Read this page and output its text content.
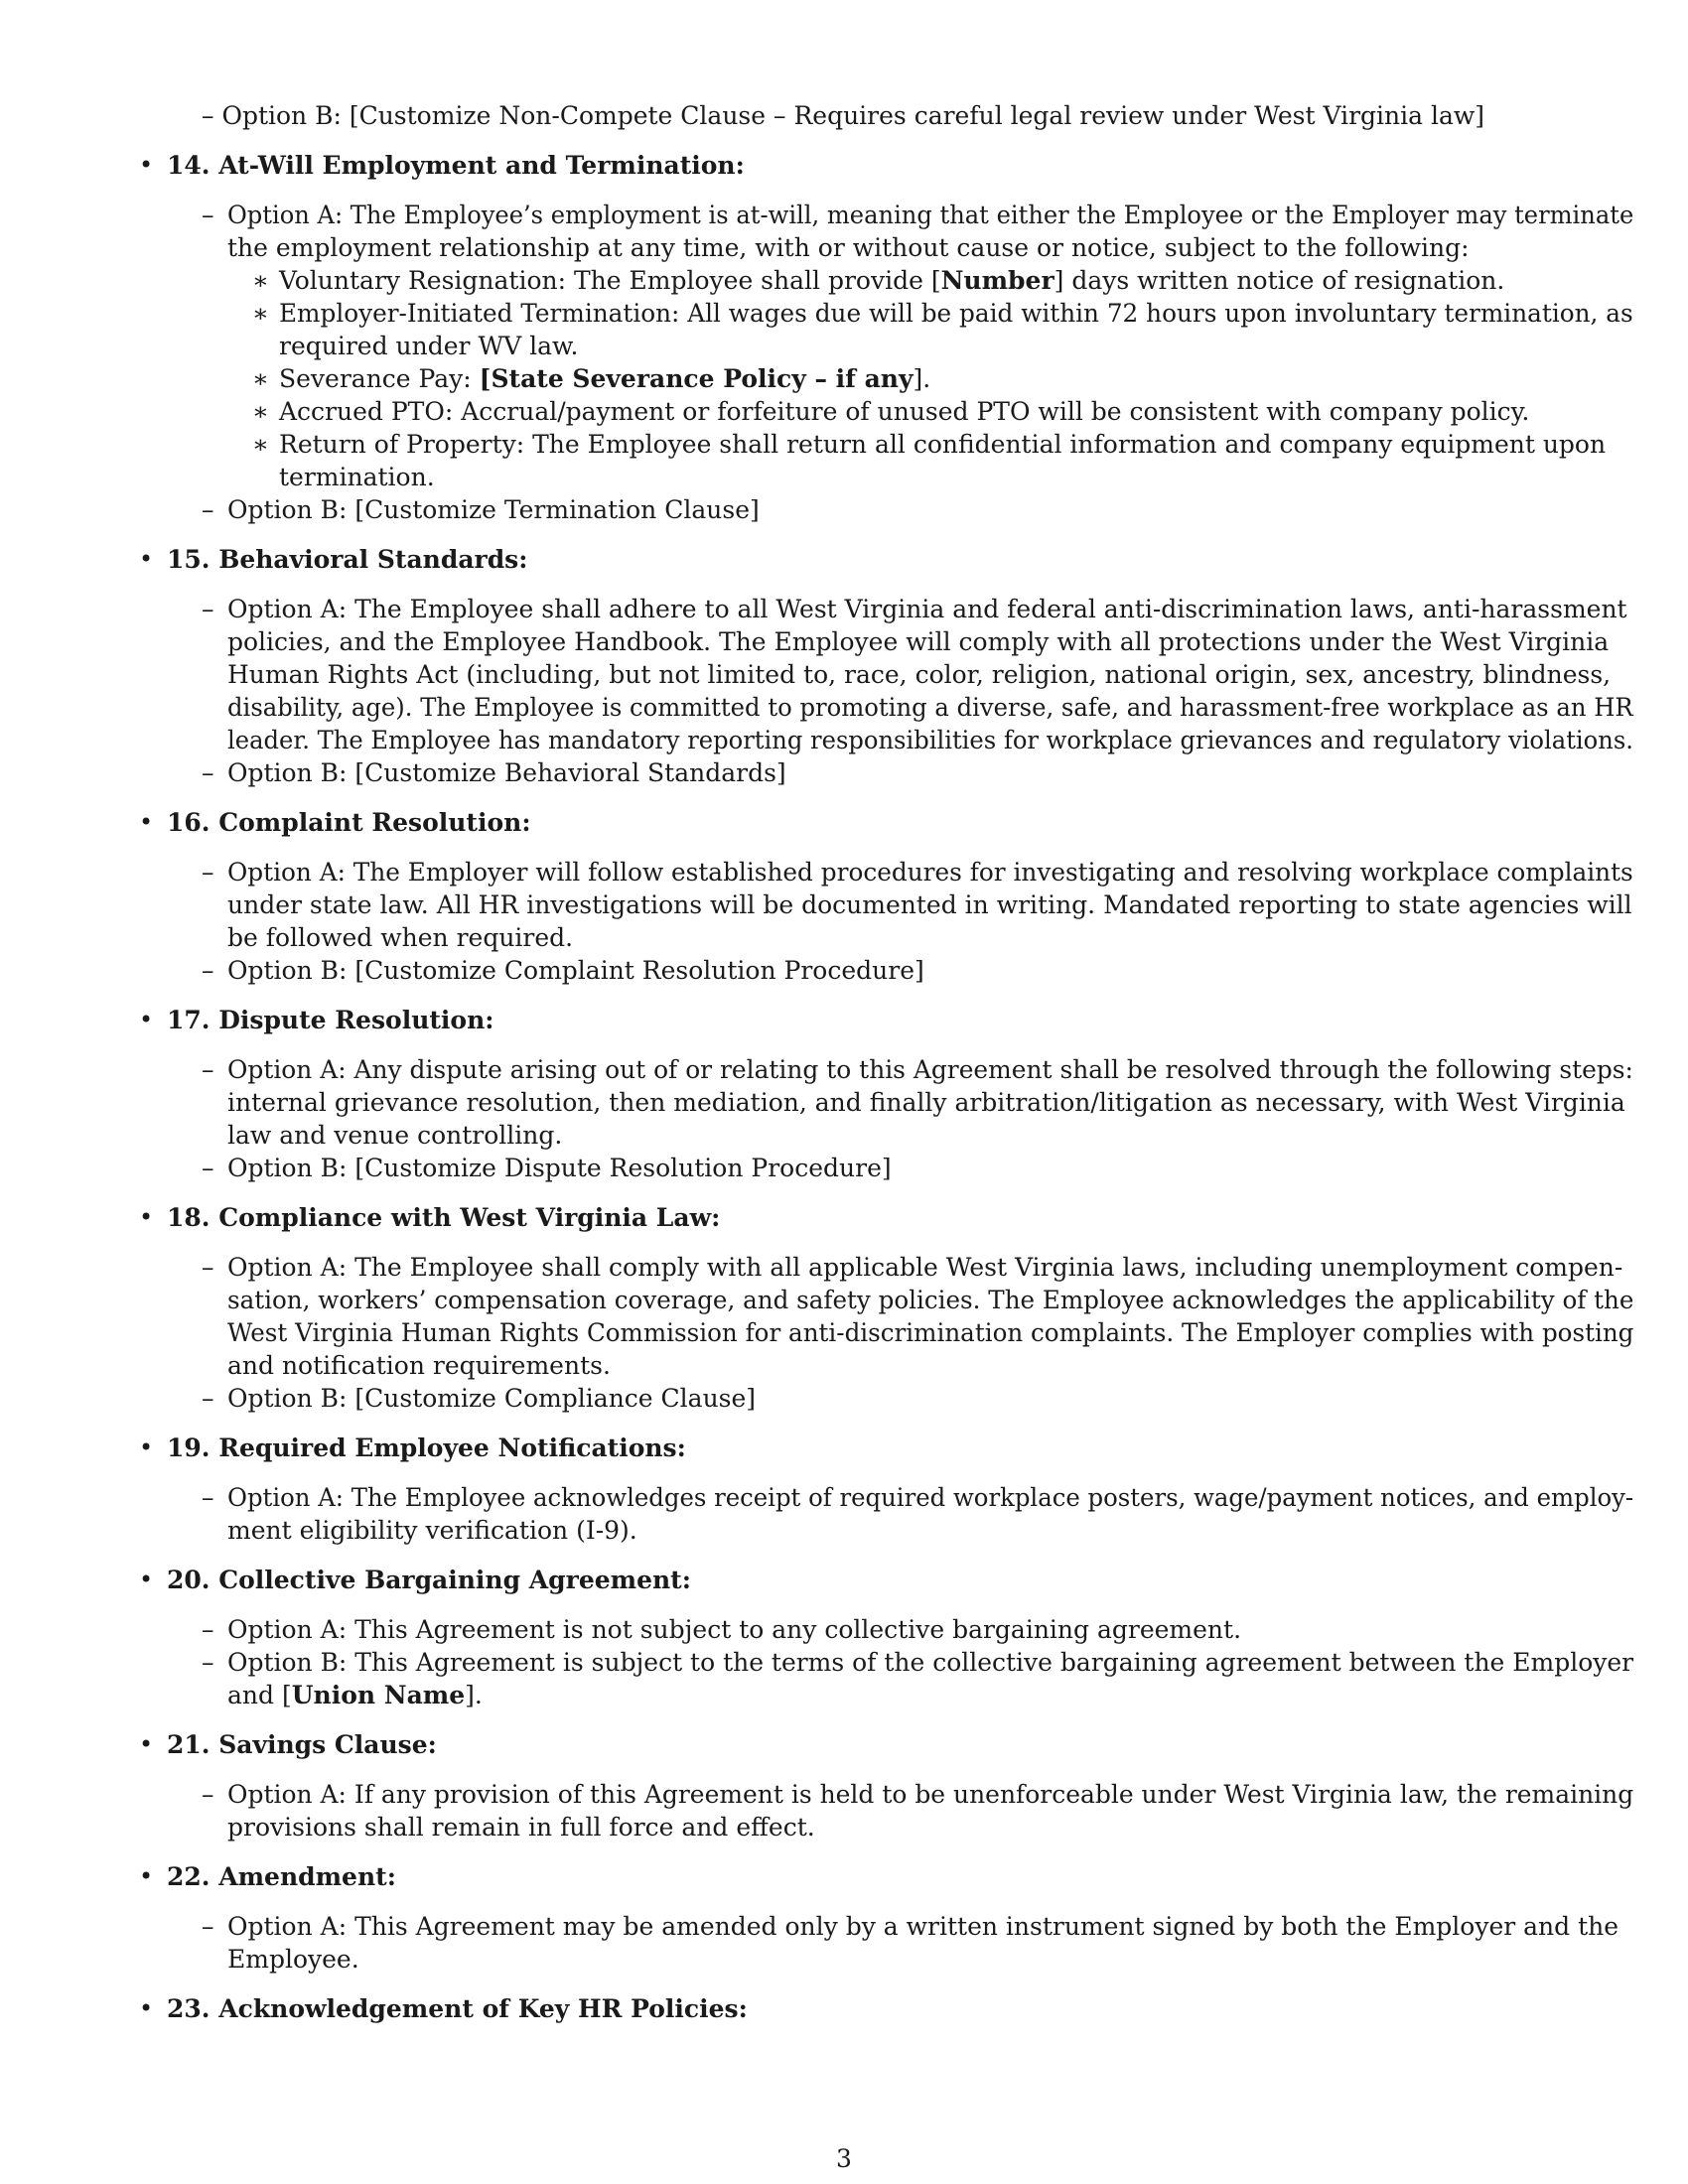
– Option B: [Customize Non-Compete Clause – Requires careful legal review under West Virginia law]
• 14. At-Will Employment and Termination:
– Option A: The Employee’s employment is at-will, meaning that either the Employee or the Employer may terminate
the employment relationship at any time, with or without cause or notice, subject to the following:
∗ Voluntary Resignation: The Employee shall provide [Number] days written notice of resignation.
∗ Employer-Initiated Termination: All wages due will be paid within 72 hours upon involuntary termination, as
required under WV law.
∗ Severance Pay: [State Severance Policy – if any].
∗ Accrued PTO: Accrual/payment or forfeiture of unused PTO will be consistent with company policy.
∗ Return of Property: The Employee shall return all confidential information and company equipment upon
termination.
– Option B: [Customize Termination Clause]
• 15. Behavioral Standards:
– Option A: The Employee shall adhere to all West Virginia and federal anti-discrimination laws, anti-harassment
policies, and the Employee Handbook. The Employee will comply with all protections under the West Virginia
Human Rights Act (including, but not limited to, race, color, religion, national origin, sex, ancestry, blindness,
disability, age). The Employee is committed to promoting a diverse, safe, and harassment-free workplace as an HR
leader. The Employee has mandatory reporting responsibilities for workplace grievances and regulatory violations.
– Option B: [Customize Behavioral Standards]
• 16. Complaint Resolution:
– Option A: The Employer will follow established procedures for investigating and resolving workplace complaints
under state law. All HR investigations will be documented in writing. Mandated reporting to state agencies will
be followed when required.
– Option B: [Customize Complaint Resolution Procedure]
• 17. Dispute Resolution:
– Option A: Any dispute arising out of or relating to this Agreement shall be resolved through the following steps:
internal grievance resolution, then mediation, and finally arbitration/litigation as necessary, with West Virginia
law and venue controlling.
– Option B: [Customize Dispute Resolution Procedure]
• 18. Compliance with West Virginia Law:
– Option A: The Employee shall comply with all applicable West Virginia laws, including unemployment compen-
sation, workers’ compensation coverage, and safety policies. The Employee acknowledges the applicability of the
West Virginia Human Rights Commission for anti-discrimination complaints. The Employer complies with posting
and notification requirements.
– Option B: [Customize Compliance Clause]
• 19. Required Employee Notifications:
– Option A: The Employee acknowledges receipt of required workplace posters, wage/payment notices, and employ-
ment eligibility verification (I-9).
• 20. Collective Bargaining Agreement:
– Option A: This Agreement is not subject to any collective bargaining agreement.
– Option B: This Agreement is subject to the terms of the collective bargaining agreement between the Employer
and [Union Name].
• 21. Savings Clause:
– Option A: If any provision of this Agreement is held to be unenforceable under West Virginia law, the remaining
provisions shall remain in full force and effect.
• 22. Amendment:
– Option A: This Agreement may be amended only by a written instrument signed by both the Employer and the
Employee.
• 23. Acknowledgement of Key HR Policies:
3
